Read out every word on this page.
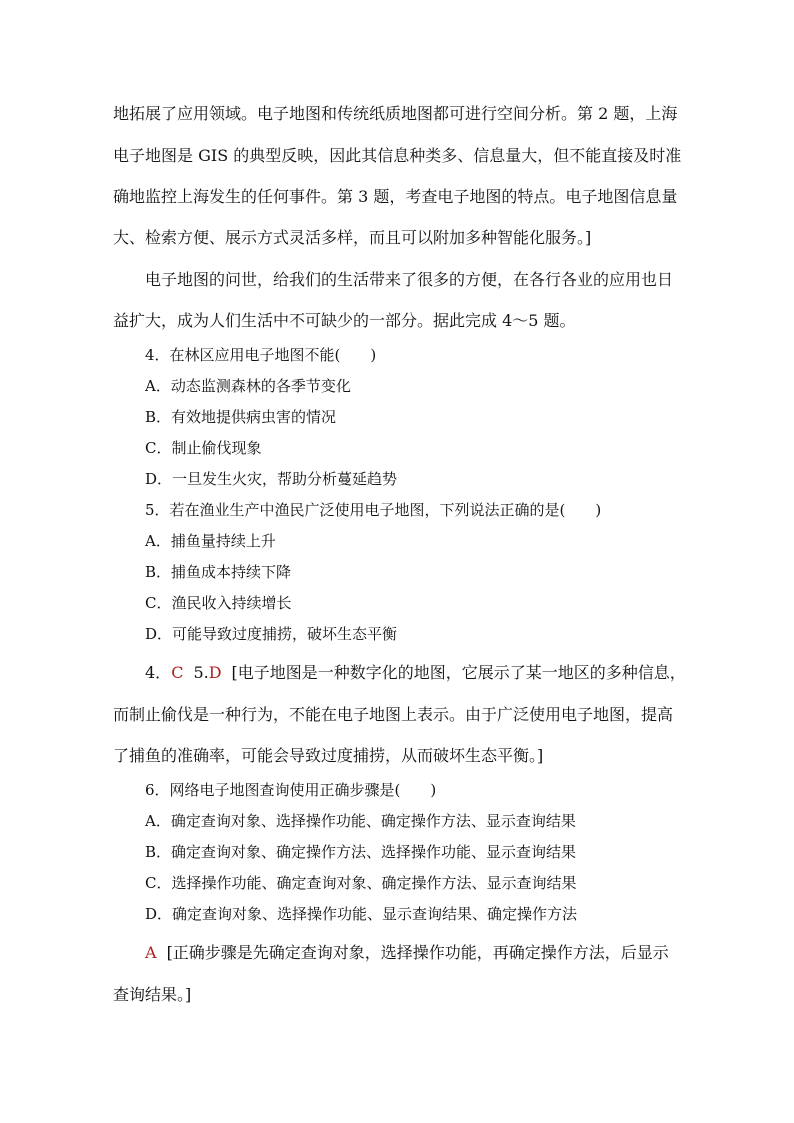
地拓展了应用领域。电子地图和传统纸质地图都可进行空间分析。第 2 题，上海
电子地图是 GIS 的典型反映，因此其信息种类多、信息量大，但不能直接及时准
确地监控上海发生的任何事件。第 3 题，考查电子地图的特点。电子地图信息量
大、检索方便、展示方式灵活多样，而且可以附加多种智能化服务。]
电子地图的问世，给我们的生活带来了很多的方便，在各行各业的应用也日
益扩大，成为人们生活中不可缺少的一部分。据此完成 4～5 题。
4．在林区应用电子地图不能(　　)
A．动态监测森林的各季节变化
B．有效地提供病虫害的情况
C．制止偷伐现象
D．一旦发生火灾，帮助分析蔓延趋势
5．若在渔业生产中渔民广泛使用电子地图，下列说法正确的是(　　)
A．捕鱼量持续上升
B．捕鱼成本持续下降
C．渔民收入持续增长
D．可能导致过度捕捞，破坏生态平衡
4．C 5.D [电子地图是一种数字化的地图，它展示了某一地区的多种信息，
而制止偷伐是一种行为，不能在电子地图上表示。由于广泛使用电子地图，提高
了捕鱼的准确率，可能会导致过度捕捞，从而破坏生态平衡。]
6．网络电子地图查询使用正确步骤是(　　)
A．确定查询对象、选择操作功能、确定操作方法、显示查询结果
B．确定查询对象、确定操作方法、选择操作功能、显示查询结果
C．选择操作功能、确定查询对象、确定操作方法、显示查询结果
D．确定查询对象、选择操作功能、显示查询结果、确定操作方法
A [正确步骤是先确定查询对象，选择操作功能，再确定操作方法，后显示
查询结果。]
